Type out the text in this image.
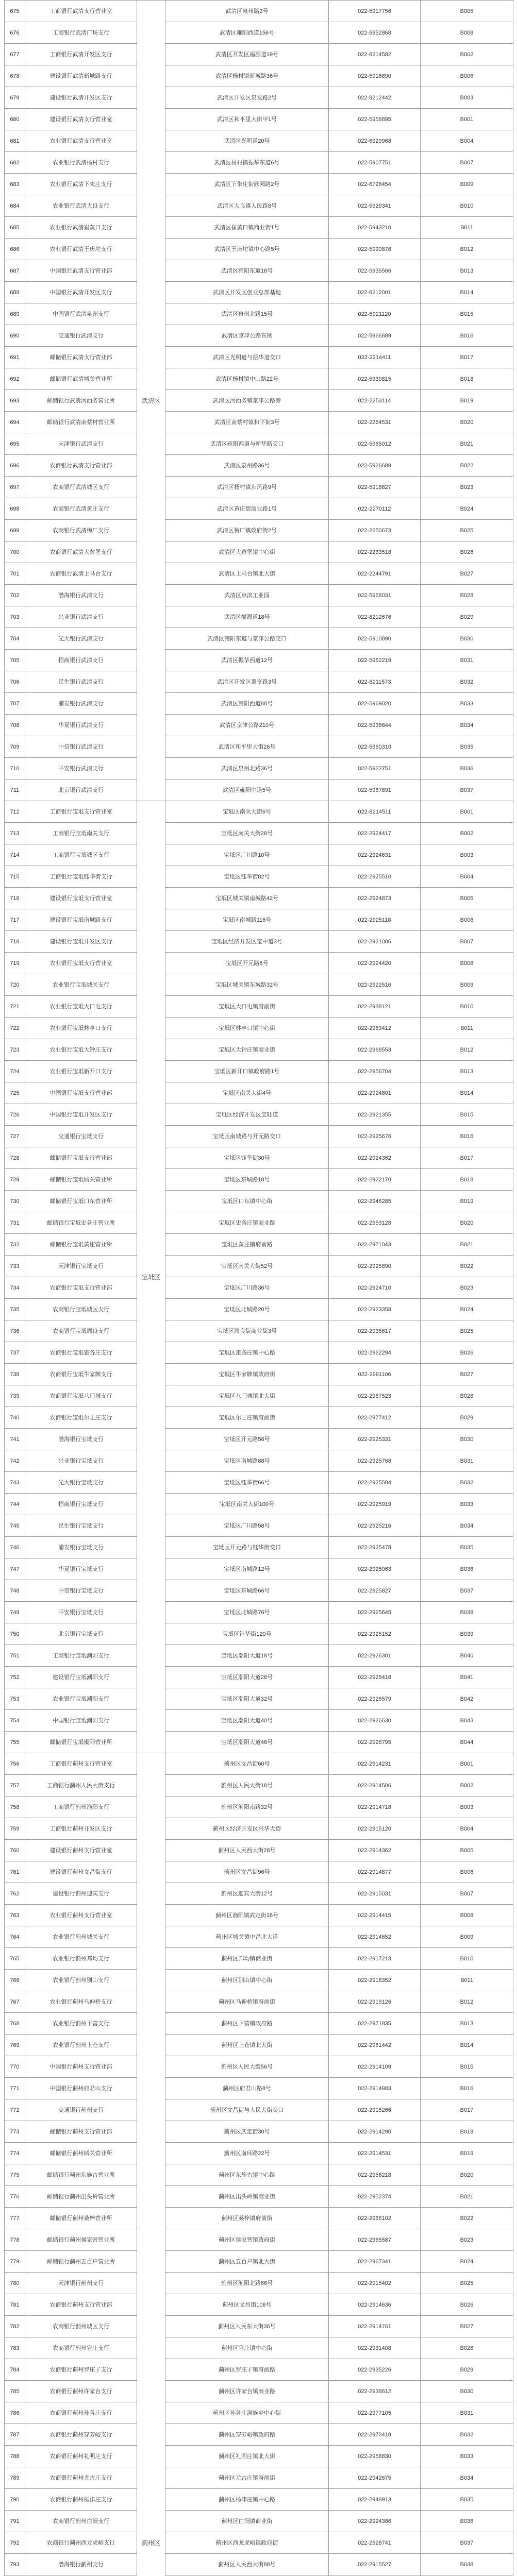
675	工商银行武清支行营业室	武清区	武清区泉州路3号	022-5917756	B005
676	工商银行武清广场支行		武清区雍阳西道156号	022-5952868	B008
677	工商银行武清开发区支行		武清区开发区福源道19号	022-8214582	B002
678	建设银行武清新城路支行		武清区杨村镇新城路36号	022-5916890	B006
679	建设银行武清开发区支行		武清区开发区泉发路2号	022-8212442	B003
680	建设银行武清支行营业室		武清区和平里大街甲1号	022-5958895	B001
681	农业银行武清支行营业室		武清区光明道20号	022-6929968	B004
682	农业银行武清杨村支行		武清区杨村镇振华东道6号	022-5907751	B007
683	农业银行武清下朱庄支行		武清区下朱庄街欣园路2号	022-6728454	B009
684	农业银行武清大良支行		武清区大良镇人民路8号	022-5929341	B010
685	农业银行武清崔黄口支行		武清区崔黄口镇商业街1号	022-5943210	B011
686	农业银行武清王庆坨支行		武清区王庆坨镇中心路5号	022-5990876	B012
687	中国银行武清支行营业部		武清区雍阳东道18号	022-5935566	B013
688	中国银行武清开发区支行		武清区开发区创业总部基地	022-8212001	B014
689	中国银行武清泉州支行		武清区泉州北路15号	022-5921120	B015
690	交通银行武清支行		武清区京津公路东侧	022-5966689	B016
691	邮储银行武清支行营业部		武清区光明道与振华道交口	022-2214411	B017
692	邮储银行武清城关营业所		武清区杨村镇中山路22号	022-5930815	B018
693	邮储银行武清河西务营业所		武清区河西务镇京津公路旁	022-2253114	B019
694	邮储银行武清南蔡村营业所		武清区南蔡村镇和平街3号	022-2264531	B020
695	天津银行武清支行		武清区雍阳西道与新华路交口	022-5965012	B021
696	农商银行武清支行营业部		武清区泉州路36号	022-5926689	B022
697	农商银行武清城区支行		武清区杨村镇东风路9号	022-5916627	B023
698	农商银行武清黄庄支行		武清区黄庄街商业路1号	022-2270112	B024
699	农商银行武清梅厂支行		武清区梅厂镇政府街2号	022-2250673	B025
700	农商银行武清大黄堡支行		武清区大黄堡镇中心街	022-2233518	B026
701	农商银行武清上马台支行		武清区上马台镇北大街	022-2244791	B027
702	渤海银行武清支行		武清区京滨工业园	022-5968031	B028
703	兴业银行武清支行		武清区福源道18号	022-8212676	B029
704	光大银行武清支行		武清区雍阳东道与京津公路交口	022-5910890	B030
705	招商银行武清支行		武清区振华西道12号	022-5962219	B031
706	民生银行武清支行		武清区开发区翠亨路3号	022-8211573	B032
707	浦发银行武清支行		武清区雍阳西道88号	022-5969020	B033
708	华夏银行武清支行		武清区京津公路210号	022-5936644	B034
709	中信银行武清支行		武清区和平里大街26号	022-5960310	B035
710	平安银行武清支行		武清区泉州北路36号	022-5922751	B036
711	北京银行武清支行		武清区雍阳中道5号	022-5967891	B037
712	工商银行宝坻支行营业室	宝坻区	宝坻区南关大街6号	022-8214511	B001
713	工商银行宝坻南关支行		宝坻区南关大街28号	022-2924417	B002
714	工商银行宝坻城区支行		宝坻区广川路10号	022-2924631	B003
715	工商银行宝坻钰华街支行		宝坻区钰华街82号	022-2925510	B004
716	建设银行宝坻支行营业室		宝坻区城关镇南城路42号	022-2924873	B005
717	建设银行宝坻南城路支行		宝坻区南城路116号	022-2925118	B006
718	建设银行宝坻开发区支行		宝坻区经济开发区宝中道3号	022-2921006	B007
719	农业银行宝坻支行营业室		宝坻区开元路8号	022-2924420	B008
720	农业银行宝坻城关支行		宝坻区城关镇东城路32号	022-2922516	B009
721	农业银行宝坻大口屯支行		宝坻区大口屯镇府前街	022-2938121	B010
722	农业银行宝坻林亭口支行		宝坻区林亭口镇中心街	022-2983412	B011
723	农业银行宝坻大钟庄支行		宝坻区大钟庄镇商业街	022-2968553	B012
724	农业银行宝坻新开口支行		宝坻区新开口镇政府路1号	022-2956704	B013
725	中国银行宝坻支行营业部		宝坻区南关大街4号	022-2924801	B014
726	中国银行宝坻开发区支行		宝坻区经济开发区宝旺道	022-2921355	B015
727	交通银行宝坻支行		宝坻区南城路与开元路交口	022-2925676	B016
728	邮储银行宝坻支行营业部		宝坻区钰华街30号	022-2924362	B017
729	邮储银行宝坻城关营业所		宝坻区东城路18号	022-2922170	B018
730	邮储银行宝坻口东营业所		宝坻区口东镇中心街	022-2946285	B019
731	邮储银行宝坻史各庄营业所		宝坻区史各庄镇商业路	022-2953128	B020
732	邮储银行宝坻黄庄营业所		宝坻区黄庄镇府前路	022-2971043	B021
733	天津银行宝坻支行		宝坻区南关大街52号	022-2925890	B022
734	农商银行宝坻支行营业部		宝坻区广川路36号	022-2924710	B023
735	农商银行宝坻城区支行		宝坻区北城路20号	022-2923358	B024
736	农商银行宝坻周良支行		宝坻区周良街商业街3号	022-2935617	B025
737	农商银行宝坻霍各庄支行		宝坻区霍各庄镇中心路	022-2962294	B026
738	农商银行宝坻牛家牌支行		宝坻区牛家牌镇政府街	022-2991106	B027
739	农商银行宝坻八门城支行		宝坻区八门城镇北大街	022-2987523	B028
740	农商银行宝坻尔王庄支行		宝坻区尔王庄镇府前街	022-2977412	B029
741	渤海银行宝坻支行		宝坻区开元路56号	022-2925331	B030
742	兴业银行宝坻支行		宝坻区南城路88号	022-2925768	B031
743	光大银行宝坻支行		宝坻区钰华街66号	022-2925504	B032
744	招商银行宝坻支行		宝坻区南关大街100号	022-2925919	B033
745	民生银行宝坻支行		宝坻区广川路58号	022-2925216	B034
746	浦发银行宝坻支行		宝坻区开元路与钰华街交口	022-2925478	B035
747	华夏银行宝坻支行		宝坻区南城路12号	022-2925063	B036
748	中信银行宝坻支行		宝坻区东城路66号	022-2925827	B037
749	平安银行宝坻支行		宝坻区北城路76号	022-2925645	B038
750	北京银行宝坻支行		宝坻区钰华街120号	022-2925152	B039
751	工商银行宝坻潮阳支行		宝坻区潮阳大道18号	022-2926301	B040
752	建设银行宝坻潮阳支行		宝坻区潮阳大道26号	022-2926418	B041
753	农业银行宝坻潮阳支行		宝坻区潮阳大道32号	022-2926579	B042
754	中国银行宝坻潮阳支行		宝坻区潮阳大道40号	022-2926630	B043
755	邮储银行宝坻潮阳营业所		宝坻区潮阳大道46号	022-2926795	B044
756	工商银行蓟州支行营业室	蓟州区	蓟州区文昌街60号	022-2914231	B001
757	工商银行蓟州人民大街支行		蓟州区人民大街18号	022-2914506	B002
758	工商银行蓟州渔阳支行		蓟州区渔阳南路32号	022-2914718	B003
759	工商银行蓟州开发区支行		蓟州区经济开发区兴华大街	022-2915120	B004
760	建设银行蓟州支行营业室		蓟州区人民西大街28号	022-2914362	B005
761	建设银行蓟州文昌街支行		蓟州区文昌街96号	022-2914877	B006
762	建设银行蓟州迎宾支行		蓟州区迎宾大街12号	022-2915031	B007
763	农业银行蓟州支行营业室		蓟州区渔阳镇武定街16号	022-2914415	B008
764	农业银行蓟州城关支行		蓟州区城关镇中昌北大道	022-2914652	B009
765	农业银行蓟州邦均支行		蓟州区邦均镇商业街	022-2917213	B010
766	农业银行蓟州别山支行		蓟州区别山镇中心街	022-2918352	B011
767	农业银行蓟州马伸桥支行		蓟州区马伸桥镇府前街	022-2919126	B012
768	农业银行蓟州下营支行		蓟州区下营镇政府路	022-2971835	B013
769	农业银行蓟州上仓支行		蓟州区上仓镇北大街	022-2961442	B014
770	中国银行蓟州支行营业部		蓟州区人民大街56号	022-2914109	B015
771	中国银行蓟州府君山支行		蓟州区府君山路8号	022-2914983	B016
772	交通银行蓟州支行		蓟州区文昌街与人民大街交口	022-2915266	B017
773	邮储银行蓟州支行营业部		蓟州区武定街30号	022-2914290	B018
774	邮储银行蓟州城关营业所		蓟州区南环路22号	022-2914531	B019
775	邮储银行蓟州东施古营业所		蓟州区东施古镇中心路	022-2956218	B020
776	邮储银行蓟州出头岭营业所		蓟州区出头岭镇商业街	022-2952374	B021
777	邮储银行蓟州桑梓营业所		蓟州区桑梓镇府前街	022-2966102	B022
778	邮储银行蓟州侯家营营业所		蓟州区侯家营镇政府街	022-2965587	B023
779	邮储银行蓟州五百户营业所		蓟州区五百户镇北大街	022-2967341	B024
780	天津银行蓟州支行		蓟州区渔阳北路66号	022-2915402	B025
781	农商银行蓟州支行营业部		蓟州区文昌街108号	022-2914636	B026
782	农商银行蓟州城区支行		蓟州区人民东大街36号	022-2914761	B027
783	农商银行蓟州官庄支行		蓟州区官庄镇中心街	022-2931408	B028
784	农商银行蓟州罗庄子支行		蓟州区罗庄子镇府前路	022-2935226	B029
785	农商银行蓟州许家台支行		蓟州区许家台镇商业路	022-2938612	B030
786	农商银行蓟州孙各庄支行		蓟州区孙各庄满族乡中心街	022-2977105	B031
787	农商银行蓟州穿芳峪支行		蓟州区穿芳峪镇政府路	022-2973418	B032
788	农商银行蓟州礼明庄支行		蓟州区礼明庄镇北大街	022-2958830	B033
789	农商银行蓟州尤古庄支行		蓟州区尤古庄镇府前街	022-2942675	B034
790	农商银行蓟州杨津庄支行		蓟州区杨津庄镇中心路	022-2948913	B035
791	农商银行蓟州白涧支行		蓟州区白涧镇商业街	022-2924386	B036
792	农商银行蓟州西龙虎峪支行		蓟州区西龙虎峪镇政府街	022-2928741	B037
793	渤海银行蓟州支行		蓟州区人民西大街88号	022-2915527	B038
